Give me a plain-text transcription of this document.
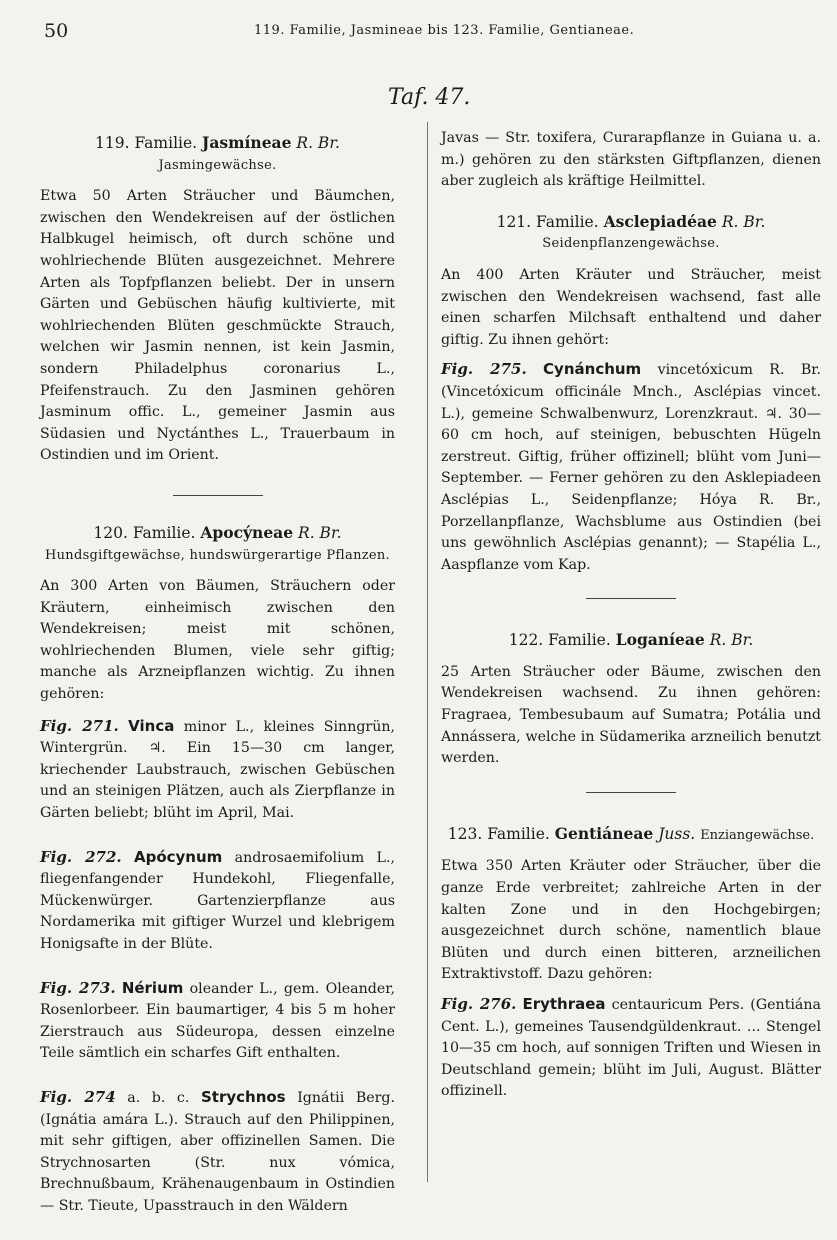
50	119. Familie, Jasmineae bis 123. Familie, Gentianeae.
Taf. 47.
119. Familie. Jasmíneae R. Br.
Jasmingewächse.

Etwa 50 Arten Sträucher und Bäumchen, zwischen den Wendekreisen auf der östlichen Halbkugel heimisch, oft durch schöne und wohlriechende Blüten ausgezeichnet. Mehrere Arten als Topfpflanzen beliebt. Der in unsern Gärten und Gebüschen häufig kultivierte, mit wohlriechenden Blüten geschmückte Strauch, welchen wir Jasmin nennen, ist kein Jasmin, sondern Philadelphus coronarius L., Pfeifenstrauch. Zu den Jasminen gehören Jasminum offic. L., gemeiner Jasmin aus Südasien und Nyctánthes L., Trauerbaum in Ostindien und im Orient.

120. Familie. Apocýneae R. Br.
Hundsgiftgewächse, hundswürgerartige Pflanzen.

An 300 Arten von Bäumen, Sträuchern oder Kräutern, einheimisch zwischen den Wendekreisen; meist mit schönen, wohlriechenden Blumen, viele sehr giftig; manche als Arzneipflanzen wichtig. Zu ihnen gehören:

Fig. 271. Vinca minor L., kleines Sinngrün, Wintergrün. ♃. Ein 15—30 cm langer, kriechender Laubstrauch, zwischen Gebüschen und an steinigen Plätzen, auch als Zierpflanze in Gärten beliebt; blüht im April, Mai.
Fig. 272. Apócynum androsaemifolium L., fliegenfangender Hundekohl, Fliegenfalle, Mückenwürger. Gartenzierpflanze aus Nordamerika mit giftiger Wurzel und klebrigem Honigsafte in der Blüte.
Fig. 273. Nérium oleander L., gem. Oleander, Rosenlorbeer. Ein baumartiger, 4 bis 5 m hoher Zierstrauch aus Südeuropa, dessen einzelne Teile sämtlich ein scharfes Gift enthalten.
Fig. 274 a. b. c. Strychnos Ignátii Berg. (Ignátia amára L.). Strauch auf den Philippinen, mit sehr giftigen, aber offizinellen Samen. Die Strychnosarten (Str. nux vómica, Brechnußbaum, Krähenaugenbaum in Ostindien — Str. Tieute, Upasstrauch in den Wäldern

Javas — Str. toxifera, Curarapflanze in Guiana u. a. m.) gehören zu den stärksten Giftpflanzen, dienen aber zugleich als kräftige Heilmittel.

121. Familie. Asclepiadéae R. Br.
Seidenpflanzengewächse.

An 400 Arten Kräuter und Sträucher, meist zwischen den Wendekreisen wachsend, fast alle einen scharfen Milchsaft enthaltend und daher giftig. Zu ihnen gehört:

Fig. 275. Cynánchum vincetóxicum R. Br. (Vincetóxicum officinále Mnch., Asclépias vincet. L.), gemeine Schwalbenwurz, Lorenzkraut. ♃. 30—60 cm hoch, auf steinigen, bebuschten Hügeln zerstreut. Giftig, früher offizinell; blüht vom Juni—September. — Ferner gehören zu den Asklepiadeen Asclépias L., Seidenpflanze; Hóya R. Br., Porzellanpflanze, Wachsblume aus Ostindien (bei uns gewöhnlich Asclépias genannt); — Stapélia L., Aaspflanze vom Kap.
122. Familie. Loganíeae R. Br.

25 Arten Sträucher oder Bäume, zwischen den Wendekreisen wachsend. Zu ihnen gehören: Fragraea, Tembesubaum auf Sumatra; Potália und Annássera, welche in Südamerika arzneilich benutzt werden.

123. Familie. Gentiáneae Juss. Enziangewächse.

Etwa 350 Arten Kräuter oder Sträucher, über die ganze Erde verbreitet; zahlreiche Arten in der kalten Zone und in den Hochgebirgen; ausgezeichnet durch schöne, namentlich blaue Blüten und durch einen bitteren, arzneilichen Extraktivstoff. Dazu gehören:

Fig. 276. Erythraea centauricum Pers. (Gentiána Cent. L.), gemeines Tausendgüldenkraut. ... Stengel 10—35 cm hoch, auf sonnigen Triften und Wiesen in Deutschland gemein; blüht im Juli, August. Blätter offizinell.
